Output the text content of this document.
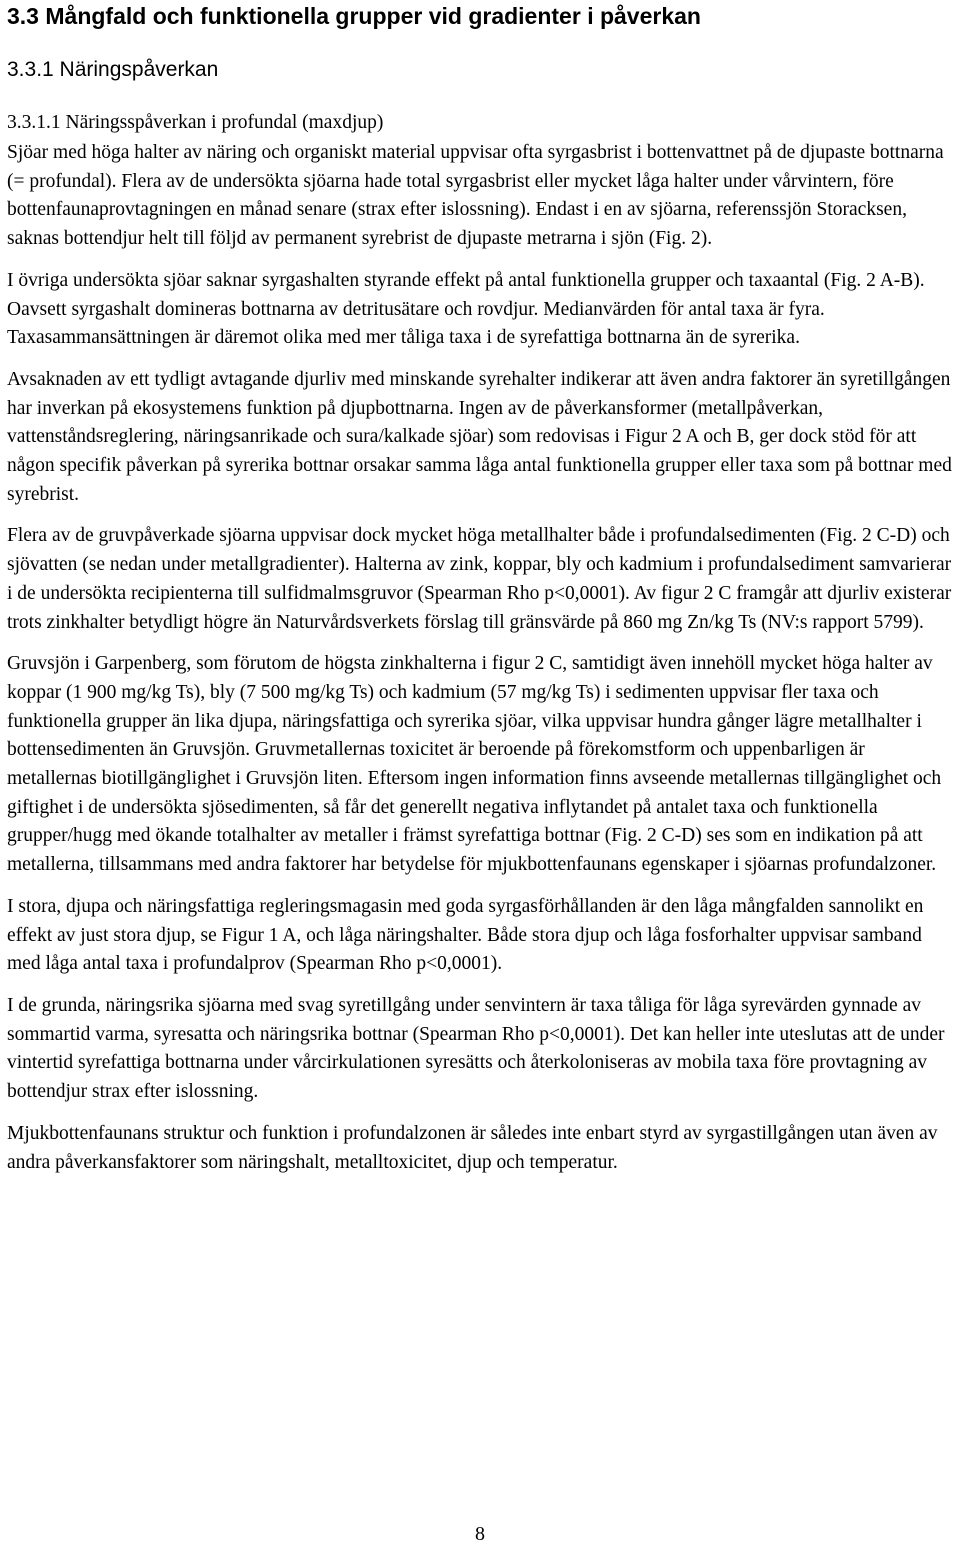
3.3 Mångfald och funktionella grupper vid gradienter i påverkan
3.3.1 Näringspåverkan
3.3.1.1 Näringsspåverkan i profundal (maxdjup)

Sjöar med höga halter av näring och organiskt material uppvisar ofta syrgasbrist i bottenvattnet på de djupaste bottnarna (= profundal). Flera av de undersökta sjöarna hade total syrgasbrist eller mycket låga halter under vårvintern, före bottenfaunaprovtagningen en månad senare (strax efter islossning). Endast i en av sjöarna, referenssjön Storacksen, saknas bottendjur helt till följd av permanent syrebrist de djupaste metrarna i sjön (Fig. 2).

I övriga undersökta sjöar saknar syrgashalten styrande effekt på antal funktionella grupper och taxaantal (Fig. 2 A-B). Oavsett syrgashalt domineras bottnarna av detritusätare och rovdjur. Medianvärden för antal taxa är fyra. Taxasammansättningen är däremot olika med mer tåliga taxa i de syrefattiga bottnarna än de syrerika.

Avsaknaden av ett tydligt avtagande djurliv med minskande syrehalter indikerar att även andra faktorer än syretillgången har inverkan på ekosystemens funktion på djupbottnarna. Ingen av de påverkansformer (metallpåverkan, vattenståndsreglering, näringsanrikade och sura/kalkade sjöar) som redovisas i Figur 2 A och B, ger dock stöd för att någon specifik påverkan på syrerika bottnar orsakar samma låga antal funktionella grupper eller taxa som på bottnar med syrebrist.

Flera av de gruvpåverkade sjöarna uppvisar dock mycket höga metallhalter både i profundalsedimenten (Fig. 2 C-D) och sjövatten (se nedan under metallgradienter). Halterna av zink, koppar, bly och kadmium i profundalsediment samvarierar i de undersökta recipienterna till sulfidmalmsgruvor (Spearman Rho p<0,0001). Av figur 2 C framgår att djurliv existerar trots zinkhalter betydligt högre än Naturvårdsverkets förslag till gränsvärde på 860 mg Zn/kg Ts (NV:s rapport 5799).

Gruvsjön i Garpenberg, som förutom de högsta zinkhalterna i figur 2 C, samtidigt även innehöll mycket höga halter av koppar (1 900 mg/kg Ts), bly (7 500 mg/kg Ts) och kadmium (57 mg/kg Ts) i sedimenten uppvisar fler taxa och funktionella grupper än lika djupa, näringsfattiga och syrerika sjöar, vilka uppvisar hundra gånger lägre metallhalter i bottensedimenten än Gruvsjön. Gruvmetallernas toxicitet är beroende på förekomstform och uppenbarligen är metallernas biotillgänglighet i Gruvsjön liten. Eftersom ingen information finns avseende metallernas tillgänglighet och giftighet i de undersökta sjösedimenten, så får det generellt negativa inflytandet på antalet taxa och funktionella grupper/hugg med ökande totalhalter av metaller i främst syrefattiga bottnar (Fig. 2 C-D) ses som en indikation på att metallerna, tillsammans med andra faktorer har betydelse för mjukbottenfaunans egenskaper i sjöarnas profundalzoner.

I stora, djupa och näringsfattiga regleringsmagasin med goda syrgasförhållanden är den låga mångfalden sannolikt en effekt av just stora djup, se Figur 1 A, och låga näringshalter. Både stora djup och låga fosforhalter uppvisar samband med låga antal taxa i profundalprov (Spearman Rho p<0,0001).

I de grunda, näringsrika sjöarna med svag syretillgång under senvintern är taxa tåliga för låga syrevärden gynnade av sommartid varma, syresatta och näringsrika bottnar (Spearman Rho p<0,0001). Det kan heller inte uteslutas att de under vintertid syrefattiga bottnarna under vårcirkulationen syresätts och återkoloniseras av mobila taxa före provtagning av bottendjur strax efter islossning.

Mjukbottenfaunans struktur och funktion i profundalzonen är således inte enbart styrd av syrgastillgången utan även av andra påverkansfaktorer som näringshalt, metalltoxicitet, djup och temperatur.

8
